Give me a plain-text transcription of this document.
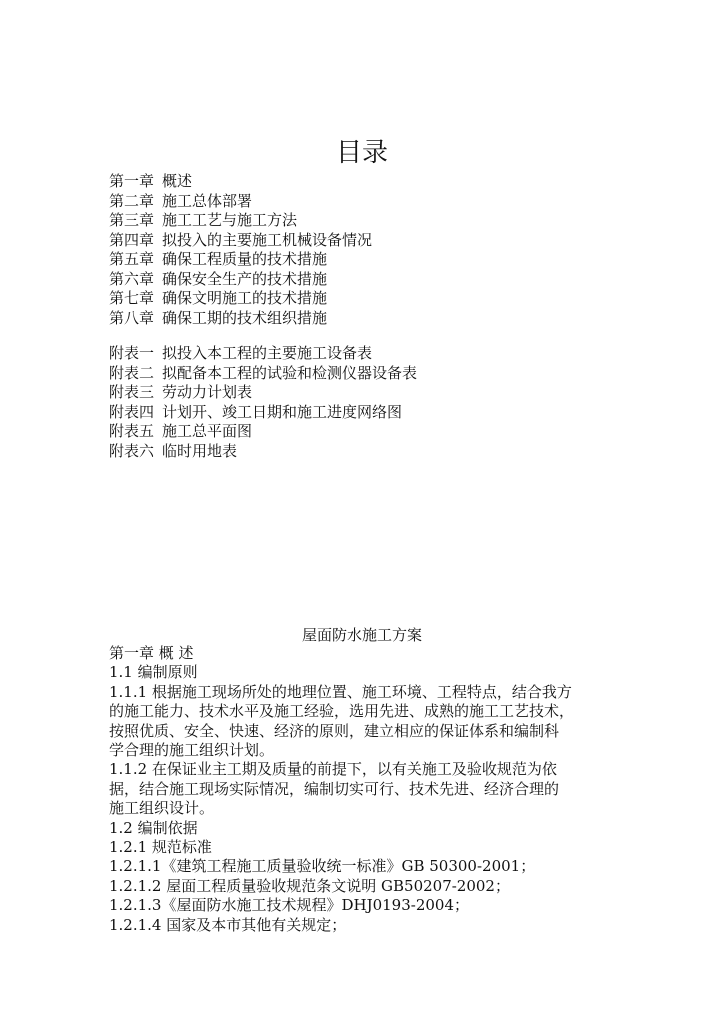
目录
第一章 概述
第二章 施工总体部署
第三章 施工工艺与施工方法
第四章 拟投入的主要施工机械设备情况
第五章 确保工程质量的技术措施
第六章 确保安全生产的技术措施
第七章 确保文明施工的技术措施
第八章 确保工期的技术组织措施
附表一 拟投入本工程的主要施工设备表
附表二 拟配备本工程的试验和检测仪器设备表
附表三 劳动力计划表
附表四 计划开、竣工日期和施工进度网络图
附表五 施工总平面图
附表六 临时用地表
屋面防水施工方案

第一章 概 述

1.1 编制原则

1.1.1 根据施工现场所处的地理位置、施工环境、工程特点，结合我方

的施工能力、技术水平及施工经验，选用先进、成熟的施工工艺技术，

按照优质、安全、快速、经济的原则，建立相应的保证体系和编制科

学合理的施工组织计划。

1.1.2 在保证业主工期及质量的前提下，以有关施工及验收规范为依

据，结合施工现场实际情况，编制切实可行、技术先进、经济合理的

施工组织设计。

1.2 编制依据

1.2.1 规范标准

1.2.1.1《建筑工程施工质量验收统一标准》GB 50300-2001；

1.2.1.2 屋面工程质量验收规范条文说明 GB50207-2002；

1.2.1.3《屋面防水施工技术规程》DHJ0193-2004；

1.2.1.4 国家及本市其他有关规定；
